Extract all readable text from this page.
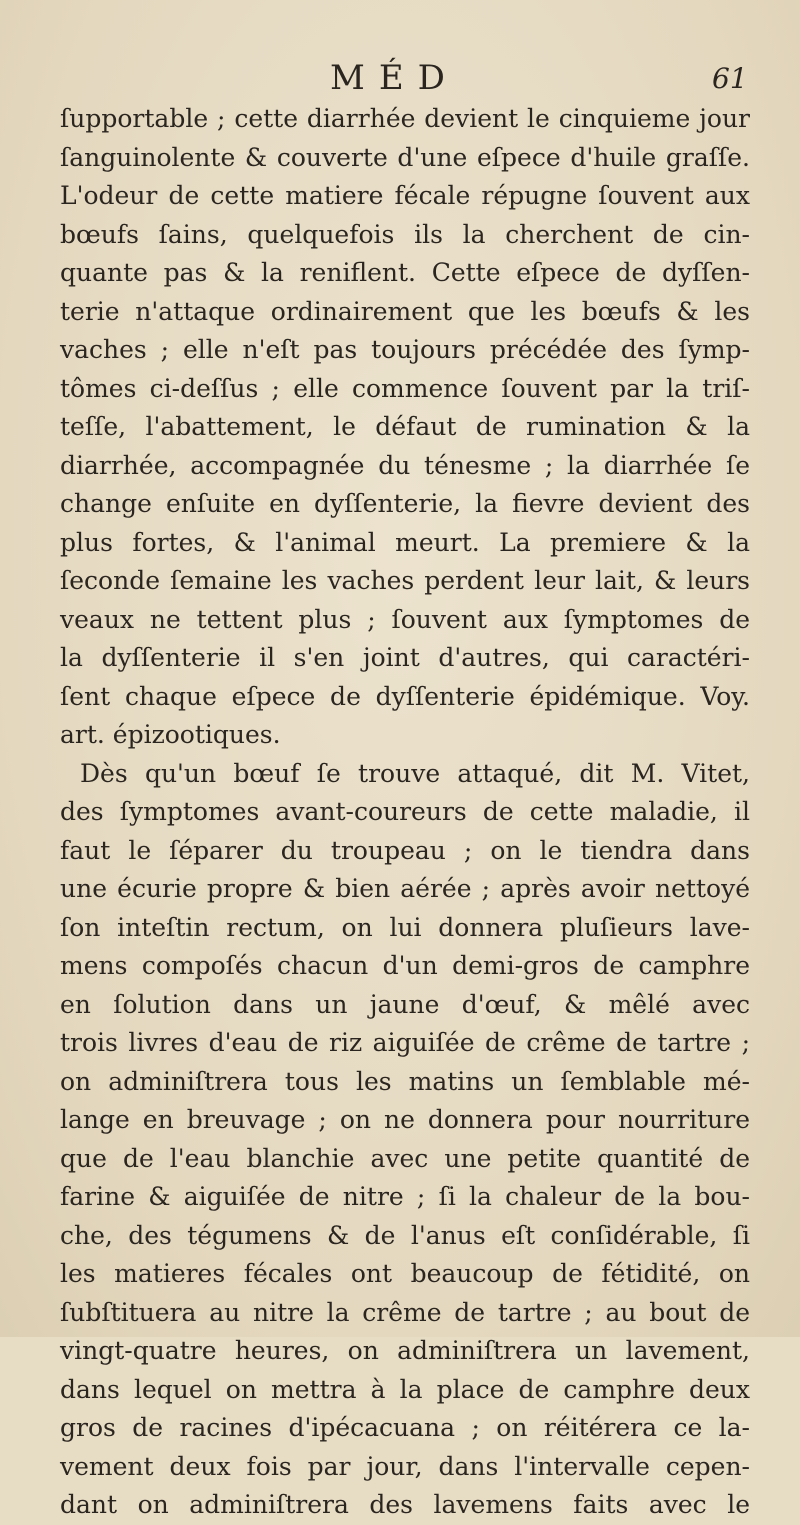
MÉD	61
ſupportable ; cette diarrhée devient le cinquieme jour
ſanguinolente & couverte d'une eſpece d'huile graſſe.
L'odeur de cette matiere fécale répugne ſouvent aux
bœufs ſains, quelquefois ils la cherchent de cin-
quante pas & la reniflent. Cette eſpece de dyſſen-
terie n'attaque ordinairement que les bœufs & les
vaches ; elle n'eſt pas toujours précédée des ſymp-
tômes ci-deſſus ; elle commence ſouvent par la triſ-
teſſe, l'abattement, le défaut de rumination & la
diarrhée, accompagnée du ténesme ; la diarrhée ſe
change enſuite en dyſſenterie, la fievre devient des
plus fortes, & l'animal meurt. La premiere & la
ſeconde ſemaine les vaches perdent leur lait, & leurs
veaux ne tettent plus ; ſouvent aux ſymptomes de
la dyſſenterie il s'en joint d'autres, qui caractéri-
ſent chaque eſpece de dyſſenterie épidémique. Voy.
art. épizootiques.
Dès qu'un bœuf ſe trouve attaqué, dit M. Vitet,
des ſymptomes avant-coureurs de cette maladie, il
faut le ſéparer du troupeau ; on le tiendra dans
une écurie propre & bien aérée ; après avoir nettoyé
ſon inteſtin rectum, on lui donnera pluſieurs lave-
mens compoſés chacun d'un demi-gros de camphre
en ſolution dans un jaune d'œuf, & mêlé avec
trois livres d'eau de riz aiguiſée de crême de tartre ;
on adminiſtrera tous les matins un ſemblable mé-
lange en breuvage ; on ne donnera pour nourriture
que de l'eau blanchie avec une petite quantité de
farine & aiguiſée de nitre ; ſi la chaleur de la bou-
che, des tégumens & de l'anus eſt conſidérable, ſi
les matieres fécales ont beaucoup de fétidité, on
ſubſtituera au nitre la crême de tartre ; au bout de
vingt-quatre heures, on adminiſtrera un lavement,
dans lequel on mettra à la place de camphre deux
gros de racines d'ipécacuana ; on réitérera ce la-
vement deux fois par jour, dans l'intervalle cepen-
dant on adminiſtrera des lavemens faits avec le
